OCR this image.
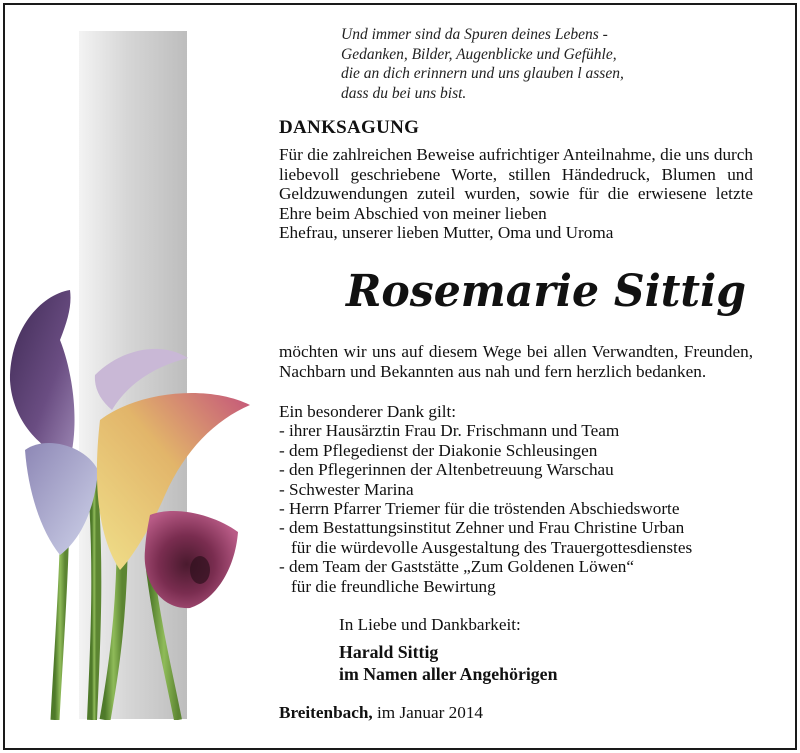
Und immer sind da Spuren deines Lebens -
Gedanken, Bilder, Augenblicke und Gefühle,
die an dich erinnern und uns glauben l assen,
dass du bei uns bist.
DANKSAGUNG
Für die zahlreichen Beweise aufrichtiger Anteilnahme, die uns durch liebevoll geschriebene Worte, stillen Händedruck, Blumen und Geldzuwendungen zuteil wurden, sowie für die erwiesene letzte Ehre beim Abschied von meiner lieben
Ehefrau, unserer lieben Mutter, Oma und Uroma
Rosemarie Sittig
möchten wir uns auf diesem Wege bei allen Verwandten, Freunden, Nachbarn und Bekannten aus nah und fern herzlich bedanken.
Ein besonderer Dank gilt:
- ihrer Hausärztin Frau Dr. Frischmann und Team
- dem Pflegedienst der Diakonie Schleusingen
- den Pflegerinnen der Altenbetreuung Warschau
- Schwester Marina
- Herrn Pfarrer Triemer für die tröstenden Abschiedsworte
- dem Bestattungsinstitut Zehner und Frau Christine Urban
für die würdevolle Ausgestaltung des Trauergottesdienstes
- dem Team der Gaststätte „Zum Goldenen Löwen“
für die freundliche Bewirtung
In Liebe und Dankbarkeit:
Harald Sittig
im Namen aller Angehörigen
Breitenbach, im Januar 2014
